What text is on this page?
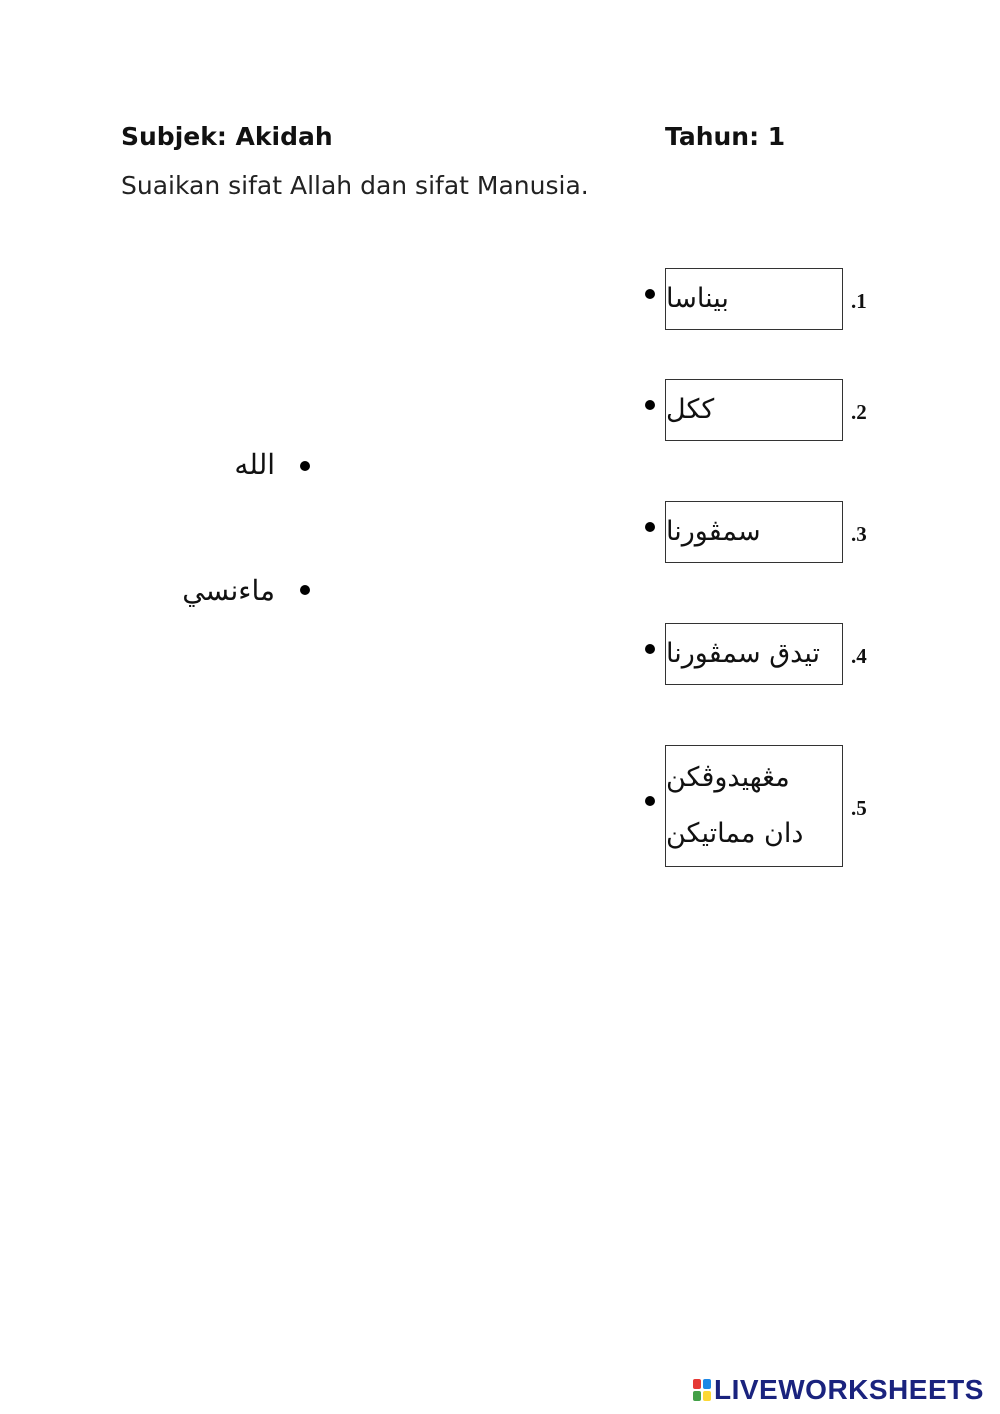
Subjek: Akidah	Tahun: 1
Suaikan sifat Allah dan sifat Manusia.
الله
ماءنسي
بيناسا	.1
ككل	.2
سمڤورنا	.3
تيدق سمڤورنا .4
مڠهيدوڤكن
دان مماتيكن
.5
LIVEWORKSHEETS
